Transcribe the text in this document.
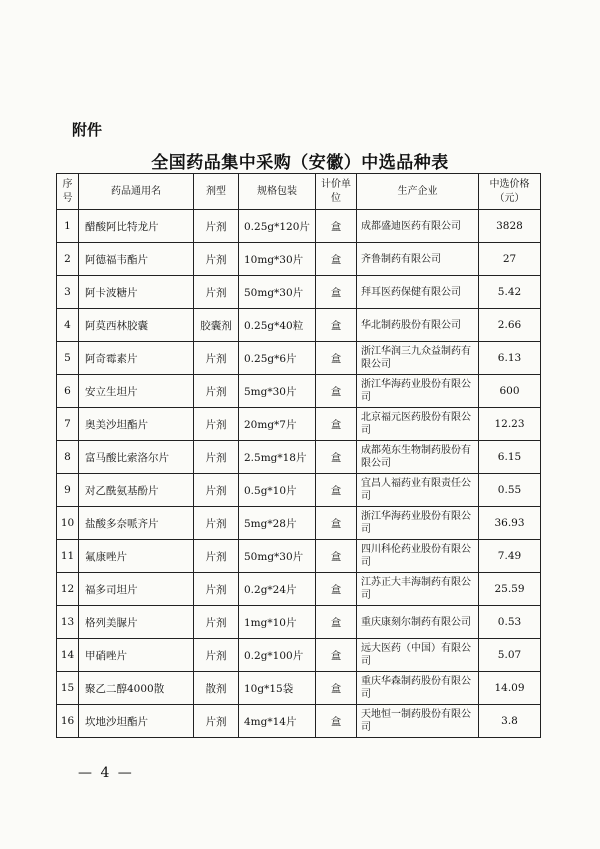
附件
全国药品集中采购（安徽）中选品种表
序号	药品通用名	剂型	规格包装	计价单位	生产企业	中选价格（元）
1	醋酸阿比特龙片	片剂	0.25g*120片	盒	成都盛迪医药有限公司	3828
2	阿德福韦酯片	片剂	10mg*30片	盒	齐鲁制药有限公司	27
3	阿卡波糖片	片剂	50mg*30片	盒	拜耳医药保健有限公司	5.42
4	阿莫西林胶囊	胶囊剂	0.25g*40粒	盒	华北制药股份有限公司	2.66
5	阿奇霉素片	片剂	0.25g*6片	盒	浙江华润三九众益制药有限公司	6.13
6	安立生坦片	片剂	5mg*30片	盒	浙江华海药业股份有限公司	600
7	奥美沙坦酯片	片剂	20mg*7片	盒	北京福元医药股份有限公司	12.23
8	富马酸比索洛尔片	片剂	2.5mg*18片	盒	成都苑东生物制药股份有限公司	6.15
9	对乙酰氨基酚片	片剂	0.5g*10片	盒	宜昌人福药业有限责任公司	0.55
10	盐酸多奈哌齐片	片剂	5mg*28片	盒	浙江华海药业股份有限公司	36.93
11	氟康唑片	片剂	50mg*30片	盒	四川科伦药业股份有限公司	7.49
12	福多司坦片	片剂	0.2g*24片	盒	江苏正大丰海制药有限公司	25.59
13	格列美脲片	片剂	1mg*10片	盒	重庆康刻尔制药有限公司	0.53
14	甲硝唑片	片剂	0.2g*100片	盒	远大医药（中国）有限公司	5.07
15	聚乙二醇4000散	散剂	10g*15袋	盒	重庆华森制药股份有限公司	14.09
16	坎地沙坦酯片	片剂	4mg*14片	盒	天地恒一制药股份有限公司	3.8
— 4 —
